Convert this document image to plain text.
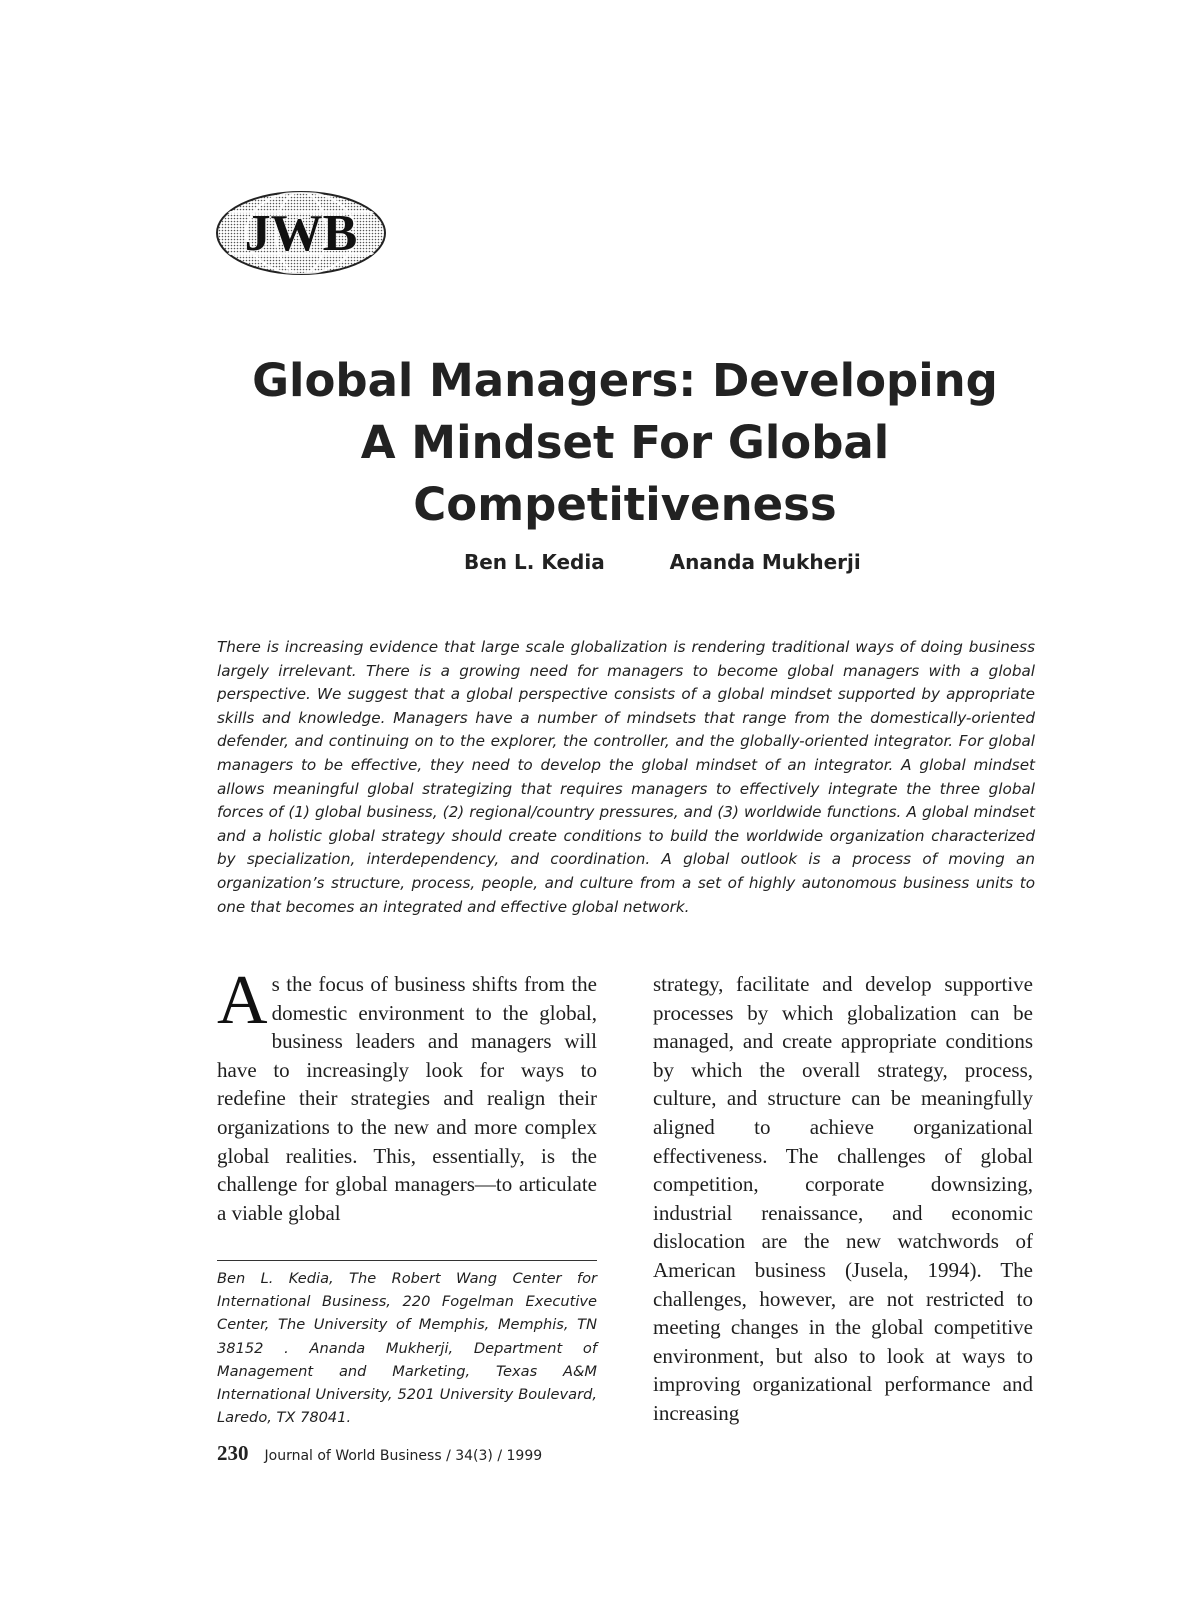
JWB
Global Managers: Developing
A Mindset For Global
Competitiveness
Ben L. Kedia	Ananda Mukherji

There is increasing evidence that large scale globalization is rendering traditional ways of doing business largely irrelevant. There is a growing need for managers to become global managers with a global perspective. We suggest that a global perspective consists of a global mindset supported by appropriate skills and knowledge. Managers have a number of mindsets that range from the domestically-oriented defender, and continuing on to the explorer, the controller, and the globally-oriented integrator. For global managers to be effective, they need to develop the global mindset of an integrator. A global mindset allows meaningful global strategizing that requires managers to effectively integrate the three global forces of (1) global business, (2) regional/country pressures, and (3) worldwide functions. A global mindset and a holistic global strategy should create conditions to build the worldwide organization characterized by specialization, interdependency, and coordination. A global outlook is a process of moving an organization’s structure, process, people, and culture from a set of highly autonomous business units to one that becomes an integrated and effective global network.

As the focus of business shifts from the domestic environment to the global, business leaders and managers will have to increasingly look for ways to redefine their strategies and realign their organizations to the new and more complex global realities. This, essentially, is the challenge for global managers—to articulate a viable global
strategy, facilitate and develop supportive processes by which globalization can be managed, and create appropriate conditions by which the overall strategy, process, culture, and structure can be meaningfully aligned to achieve organizational effectiveness. The challenges of global competition, corporate downsizing, industrial renaissance, and economic dislocation are the new watchwords of American business (Jusela, 1994). The challenges, however, are not restricted to meeting changes in the global competitive environment, but also to look at ways to improving organizational performance and increasing

Ben L. Kedia, The Robert Wang Center for International Business, 220 Fogelman Executive Center, The University of Memphis, Memphis, TN 38152 . Ananda Mukherji, Department of Management and Marketing, Texas A&M International University, 5201 University Boulevard, Laredo, TX 78041.

230 Journal of World Business / 34(3) / 1999
